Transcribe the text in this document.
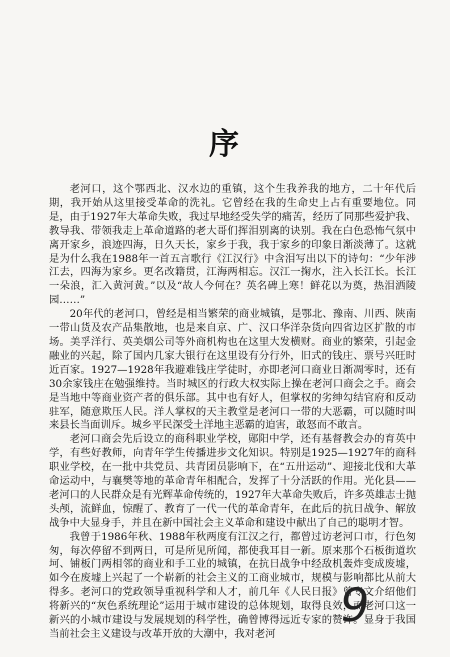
序

老河口，这个鄂西北、汉水边的重镇，这个生我养我的地方，二十年代后期，我开始从这里接受革命的洗礼。它曾经在我的生命史上占有重要地位。同是，由于1927年大革命失败，我过早地经受失学的痛苦，经历了同那些爱护我、教导我、带领我走上革命道路的老大哥们挥泪别离的诀别。我在白色恐怖气氛中离开家乡，浪迹四海，日久天长，家乡于我，我于家乡的印象日渐淡薄了。这就是为什么我在1988年一首五言歌行《江汉行》中含泪写出以下的诗句：“少年涉江去，四海为家乡。更名改籍贯，江海两相忘。汉江一掬水，注入长江长。长江一朵浪，汇入黄河黄。”以及“故人今何在？英名碑上寒！鲜花以为奠，热泪洒陵园……”

20年代的老河口，曾经是相当繁荣的商业城镇，是鄂北、豫南、川西、陕南一带山货及农产品集散地，也是来自京、广、汉口华洋杂货向四省边区扩散的市场。美孚洋行、英美烟公司等外商机构也在这里大发横财。商业的繁荣，引起金融业的兴起，除了国内几家大银行在这里设有分行外，旧式的钱庄、票号兴旺时近百家。1927—1928年我避难钱庄学徒时，亦即老河口商业日渐凋零时，还有30余家钱庄在勉强维持。当时城区的行政大权实际上操在老河口商会之手。商会是当地中等商业资产者的俱乐部。其中也有好人，但掌权的劣绅勾结官府和反动驻军，随意欺压人民。洋人掌权的天主教堂是老河口一带的大恶霸，可以随时叫来县长当面训斥。城乡平民深受土洋地主恶霸的迫害，敢怒而不敢言。

老河口商会先后设立的商科职业学校，郧阳中学，还有基督教会办的育英中学，有些好教师，向青年学生传播进步文化知识。特别是1925—1927年的商科职业学校，在一批中共党员、共青团员影响下，在“五卅运动”、迎接北伐和大革命运动中，与襄樊等地的革命青年相配合，发挥了十分活跃的作用。光化县——老河口的人民群众是有光辉革命传统的，1927年大革命失败后，许多英雄志士抛头颅，流鲜血，惊醒了、教育了一代一代的革命青年，在此后的抗日战争、解放战争中大显身手，并且在新中国社会主义革命和建设中献出了自己的聪明才智。

我曾于1986年秋、1988年秋两度有江汉之行，都曾过访老河口市，行色匆匆，每次停留不到两日，可是所见所闻，都使我耳目一新。原来那个石板街道坎坷、铺板门两相邻的商业和手工业的城镇，在抗日战争中经敌机轰炸变成废墟，如今在废墟上兴起了一个崭新的社会主义的工商业城市，规模与影响都比从前大得多。老河口的党政领导重视科学和人才，前几年《人民日报》曾专文介绍他们将新兴的“灰色系统理论”运用于城市建设的总体规划，取得良效，而老河口这一新兴的小城市建设与发展规划的科学性，确曾博得远近专家的赞许。显身于我国当前社会主义建设与改革开放的大潮中，我对老河

9
